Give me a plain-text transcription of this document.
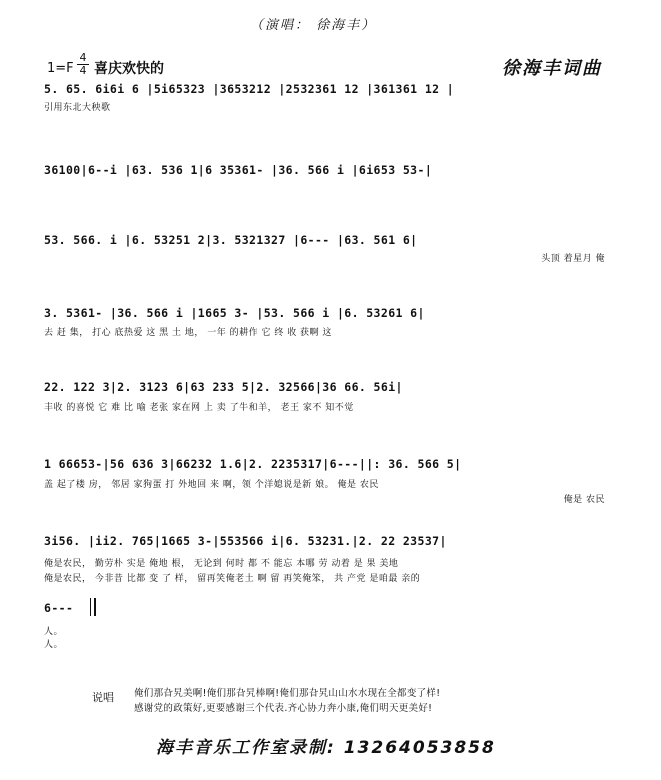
（演唱： 徐海丰）
1=F
4
4 喜庆欢快的	徐海丰词曲
5. 65. 6i6i 6 |5i65323 |3653212 |2532361 12 |361361 12 |
引用东北大秧歌
36100|6--i |63. 536 1|6 35361- |36. 566 i |6i653 53-|
53. 566. i |6. 53251 2|3. 5321327 |6--- |63. 561 6|
头顶 着星月 俺
3. 5361- |36. 566 i |1665 3- |53. 566 i |6. 53261 6|
去 赶 集， 打心 底热爱 这 黑 土 地， 一年 的耕作 它 终 收 获啊 这
22. 122 3|2. 3123 6|63 233 5|2. 32566|36 66. 56i|
丰收 的喜悦 它 难 比 喻 老张 家在网 上 卖 了牛和羊， 老王 家不 知不觉
1 66653-|56 636 3|66232 1.6|2. 2235317|6---||: 36. 566 5|
盖 起了楼 房， 邻居 家狗蛋 打 外地回 来 啊，领 个洋媳说是新 娘。 俺是 农民
俺是 农民
3i56. |ii2. 765|1665 3-|553566 i|6. 53231.|2. 22 23537|
俺是农民， 勤劳朴 实是 俺地 根， 无论到 何时 都 不 能忘 本哪 劳 动着 是 果 美地
俺是农民， 今非昔 比都 变 了 样， 留再笑俺老土 啊 留 再笑俺笨， 共 产党 是咱最 亲的
6---
人。
人。
说唱 俺们那旮旯美啊!俺们那旮旯棒啊!俺们那旮旯山山水水现在全都变了样!
感谢党的政策好,更要感谢三个代表.齐心协力奔小康,俺们明天更美好!
海丰音乐工作室录制: 13264053858
